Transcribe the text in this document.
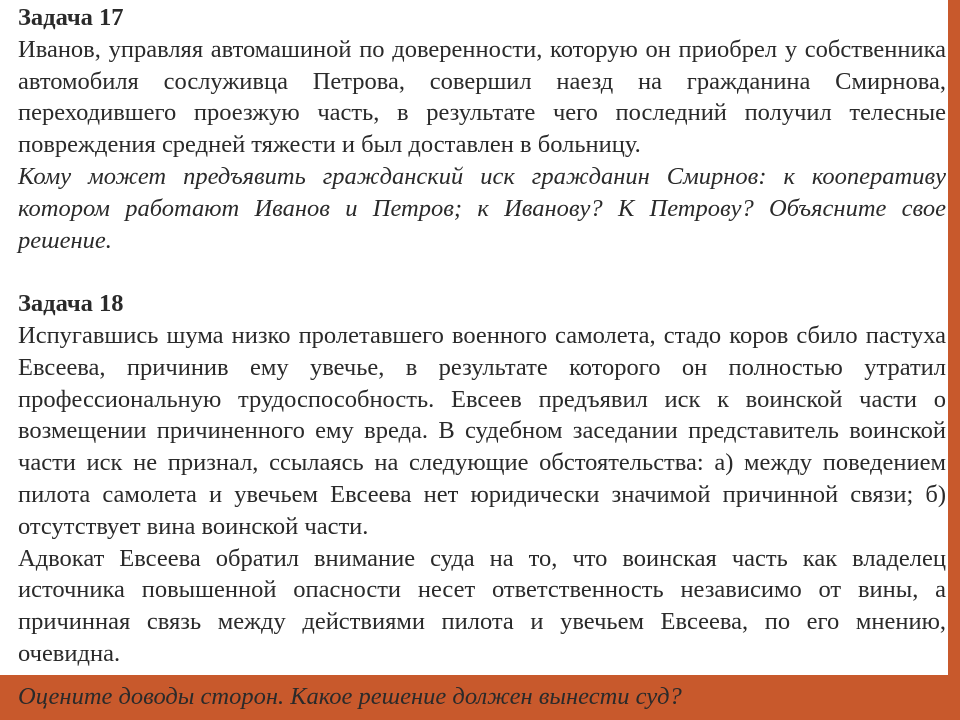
Задача 17

Иванов, управляя автомашиной по доверенности, которую он приобрел у собственника автомобиля сослуживца Петрова, совершил наезд на гражданина Смирнова, переходившего проезжую часть, в результате чего последний получил телесные повреждения средней тяжести и был доставлен в больницу.

Кому может предъявить гражданский иск гражданин Смирнов: к кооперативу котором работают Иванов и Петров; к Иванову? К Петрову? Объясните свое решение.

Задача 18

Испугавшись шума низко пролетавшего военного самолета, стадо коров сбило пастуха Евсеева, причинив ему увечье, в результате которого он полностью утратил профессиональную трудоспособность. Евсеев предъявил иск к воинской части о возмещении причиненного ему вреда. В судебном заседании представитель воинской части иск не признал, ссылаясь на следующие обстоятельства: а) между поведением пилота самолета и увечьем Евсеева нет юридически значимой причинной связи; б) отсутствует вина воинской части.

Адвокат Евсеева обратил внимание суда на то, что воинская часть как владелец источника повышенной опасности несет ответственность независимо от вины, а причинная связь между действиями пилота и увечьем Евсеева, по его мнению, очевидна.

Оцените доводы сторон. Какое решение должен вынести суд?
